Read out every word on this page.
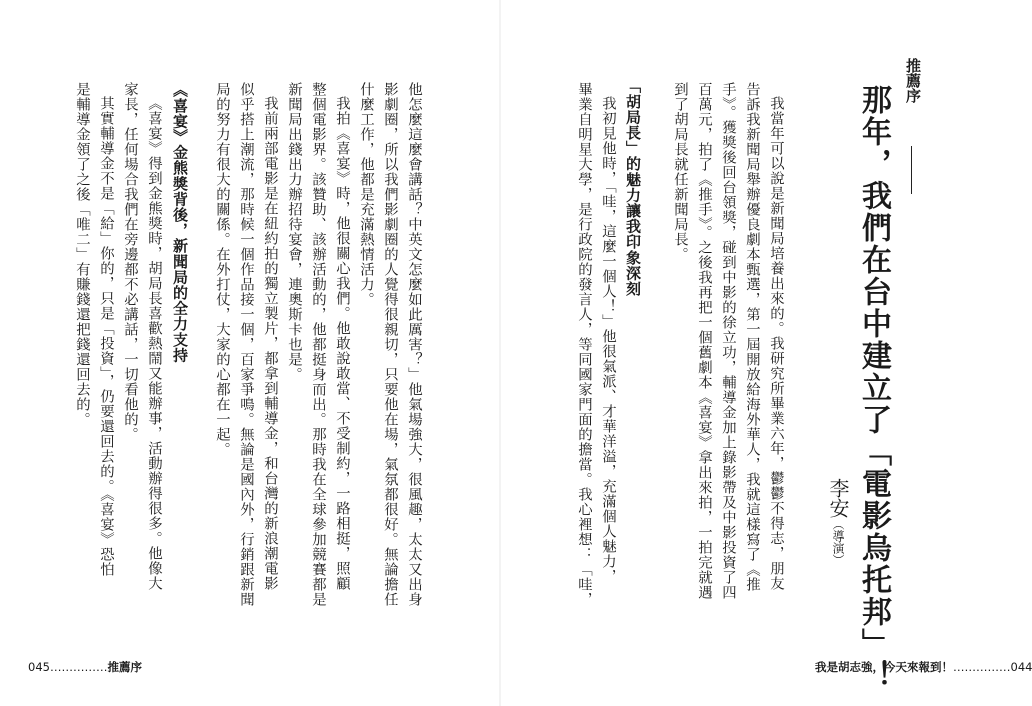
推薦序
那年，我們在台中建立了「電影烏托邦」！
李安（導演）
我當年可以說是新聞局培養出來的。我研究所畢業六年，鬱鬱不得志，朋友
告訴我新聞局舉辦優良劇本甄選，第一屆開放給海外華人，我就這樣寫了《推
手》。獲獎後回台領獎，碰到中影的徐立功，輔導金加上錄影帶及中影投資了四
百萬元，拍了《推手》。之後我再把一個舊劇本《喜宴》拿出來拍，一拍完就遇
到了胡局長就任新聞局長。
「胡局長」的魅力讓我印象深刻
我初見他時，「哇，這麼一個人！」他很氣派、才華洋溢，充滿個人魅力，
畢業自明星大學，是行政院的發言人，等同國家門面的擔當。我心裡想：「哇，
我是胡志強，今天來報到！……………044
他怎麼這麼會講話？中英文怎麼如此厲害？」他氣場強大，很風趣，太太又出身
影劇圈，所以我們影劇圈的人覺得很親切，只要他在場，氣氛都很好。無論擔任
什麼工作，他都是充滿熱情活力。
我拍《喜宴》時，他很關心我們。他敢說敢當、不受制約，一路相挺，照顧
整個電影界。該贊助、該辦活動的，他都挺身而出。那時我在全球參加競賽都是
新聞局出錢出力辦招待宴會，連奧斯卡也是。
我前兩部電影是在紐約拍的獨立製片，都拿到輔導金，和台灣的新浪潮電影
似乎搭上潮流，那時候一個作品接一個，百家爭鳴。無論是國內外，行銷跟新聞
局的努力有很大的關係。在外打仗，大家的心都在一起。
《喜宴》金熊獎背後，新聞局的全力支持
《喜宴》得到金熊獎時，胡局長喜歡熱鬧又能辦事，活動辦得很多。他像大
家長，任何場合我們在旁邊都不必講話，一切看他的。
其實輔導金不是「給」你的，只是「投資」，仍要還回去的。《喜宴》恐怕
是輔導金領了之後「唯二」有賺錢還把錢還回去的。
045……………推薦序
